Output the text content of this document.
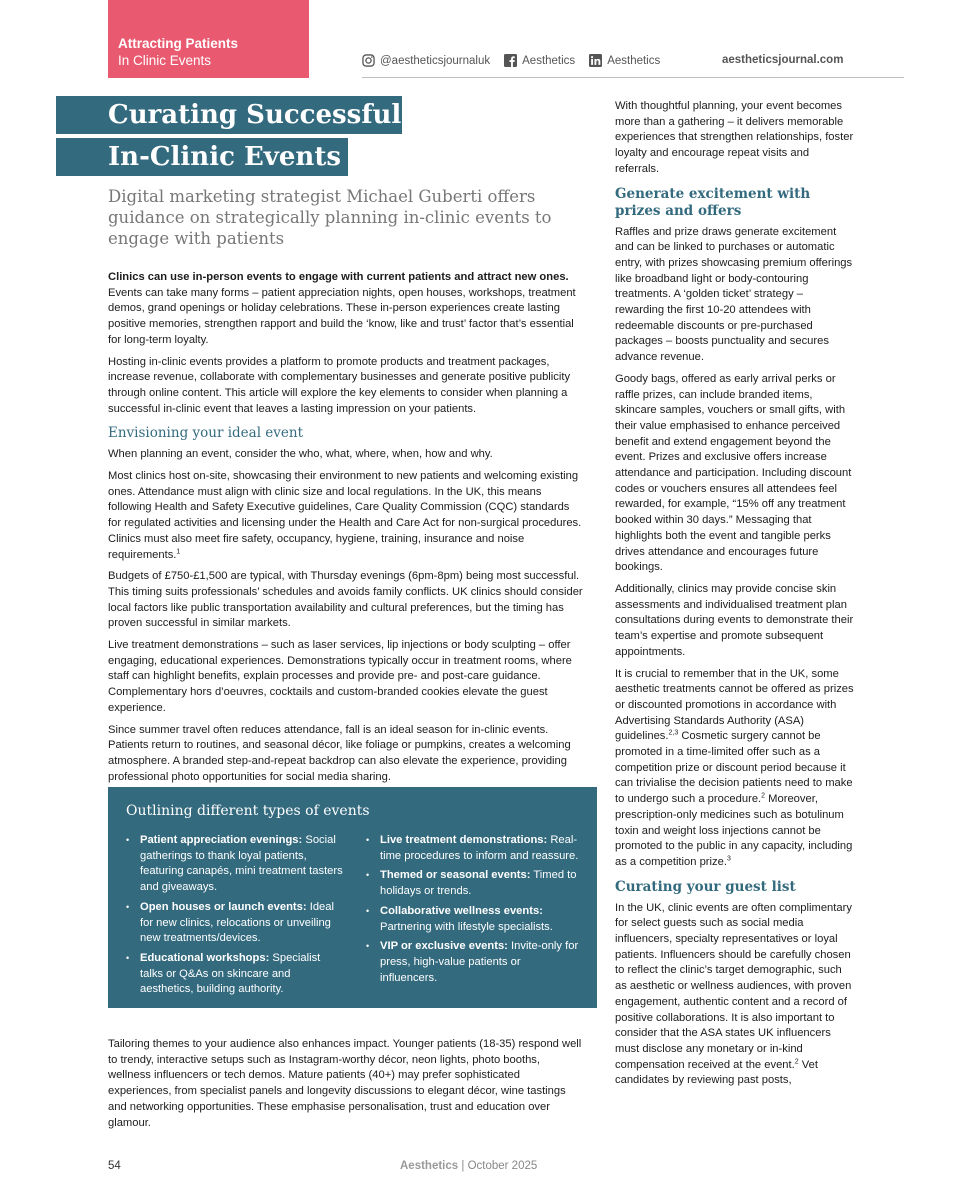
Attracting Patients
In Clinic Events	@aestheticsjournaluk	Aesthetics	Aesthetics	aestheticsjournal.com
Curating Successful
In-Clinic Events
Digital marketing strategist Michael Guberti offers guidance on strategically planning in-clinic events to engage with patients

Clinics can use in-person events to engage with current patients and attract new ones. Events can take many forms – patient appreciation nights, open houses, workshops, treatment demos, grand openings or holiday celebrations. These in-person experiences create lasting positive memories, strengthen rapport and build the ‘know, like and trust’ factor that’s essential for long-term loyalty.

Hosting in-clinic events provides a platform to promote products and treatment packages, increase revenue, collaborate with complementary businesses and generate positive publicity through online content. This article will explore the key elements to consider when planning a successful in-clinic event that leaves a lasting impression on your patients.

Envisioning your ideal event

When planning an event, consider the who, what, where, when, how and why.

Most clinics host on-site, showcasing their environment to new patients and welcoming existing ones. Attendance must align with clinic size and local regulations. In the UK, this means following Health and Safety Executive guidelines, Care Quality Commission (CQC) standards for regulated activities and licensing under the Health and Care Act for non-surgical procedures. Clinics must also meet fire safety, occupancy, hygiene, training, insurance and noise requirements.$^1$

Budgets of £750-£1,500 are typical, with Thursday evenings (6pm-8pm) being most successful. This timing suits professionals’ schedules and avoids family conflicts. UK clinics should consider local factors like public transportation availability and cultural preferences, but the timing has proven successful in similar markets.

Live treatment demonstrations – such as laser services, lip injections or body sculpting – offer engaging, educational experiences. Demonstrations typically occur in treatment rooms, where staff can highlight benefits, explain processes and provide pre- and post-care guidance. Complementary hors d’oeuvres, cocktails and custom-branded cookies elevate the guest experience.

Since summer travel often reduces attendance, fall is an ideal season for in-clinic events. Patients return to routines, and seasonal décor, like foliage or pumpkins, creates a welcoming atmosphere. A branded step-and-repeat backdrop can also elevate the experience, providing professional photo opportunities for social media sharing.

Outlining different types of events
• Patient appreciation evenings: Social gatherings to thank loyal patients, featuring canapés, mini treatment tasters and giveaways.
• Open houses or launch events: Ideal for new clinics, relocations or unveiling new treatments/devices.
• Educational workshops: Specialist talks or Q&As on skincare and aesthetics, building authority.
• Live treatment demonstrations: Real-time procedures to inform and reassure.
• Themed or seasonal events: Timed to holidays or trends.
• Collaborative wellness events: Partnering with lifestyle specialists.
• VIP or exclusive events: Invite-only for press, high-value patients or influencers.

Tailoring themes to your audience also enhances impact. Younger patients (18-35) respond well to trendy, interactive setups such as Instagram-worthy décor, neon lights, photo booths, wellness influencers or tech demos. Mature patients (40+) may prefer sophisticated experiences, from specialist panels and longevity discussions to elegant décor, wine tastings and networking opportunities. These emphasise personalisation, trust and education over glamour.

With thoughtful planning, your event becomes more than a gathering – it delivers memorable experiences that strengthen relationships, foster loyalty and encourage repeat visits and referrals.

Generate excitement with prizes and offers

Raffles and prize draws generate excitement and can be linked to purchases or automatic entry, with prizes showcasing premium offerings like broadband light or body-contouring treatments. A ‘golden ticket’ strategy – rewarding the first 10-20 attendees with redeemable discounts or pre-purchased packages – boosts punctuality and secures advance revenue.

Goody bags, offered as early arrival perks or raffle prizes, can include branded items, skincare samples, vouchers or small gifts, with their value emphasised to enhance perceived benefit and extend engagement beyond the event. Prizes and exclusive offers increase attendance and participation. Including discount codes or vouchers ensures all attendees feel rewarded, for example, “15% off any treatment booked within 30 days.” Messaging that highlights both the event and tangible perks drives attendance and encourages future bookings.

Additionally, clinics may provide concise skin assessments and individualised treatment plan consultations during events to demonstrate their team’s expertise and promote subsequent appointments.

It is crucial to remember that in the UK, some aesthetic treatments cannot be offered as prizes or discounted promotions in accordance with Advertising Standards Authority (ASA) guidelines.$^{2,3}$ Cosmetic surgery cannot be promoted in a time-limited offer such as a competition prize or discount period because it can trivialise the decision patients need to make to undergo such a procedure.$^2$ Moreover, prescription-only medicines such as botulinum toxin and weight loss injections cannot be promoted to the public in any capacity, including as a competition prize.$^3$

Curating your guest list

In the UK, clinic events are often complimentary for select guests such as social media influencers, specialty representatives or loyal patients. Influencers should be carefully chosen to reflect the clinic’s target demographic, such as aesthetic or wellness audiences, with proven engagement, authentic content and a record of positive collaborations. It is also important to consider that the ASA states UK influencers must disclose any monetary or in-kind compensation received at the event.$^2$ Vet candidates by reviewing past posts,

54	Aesthetics | October 2025
